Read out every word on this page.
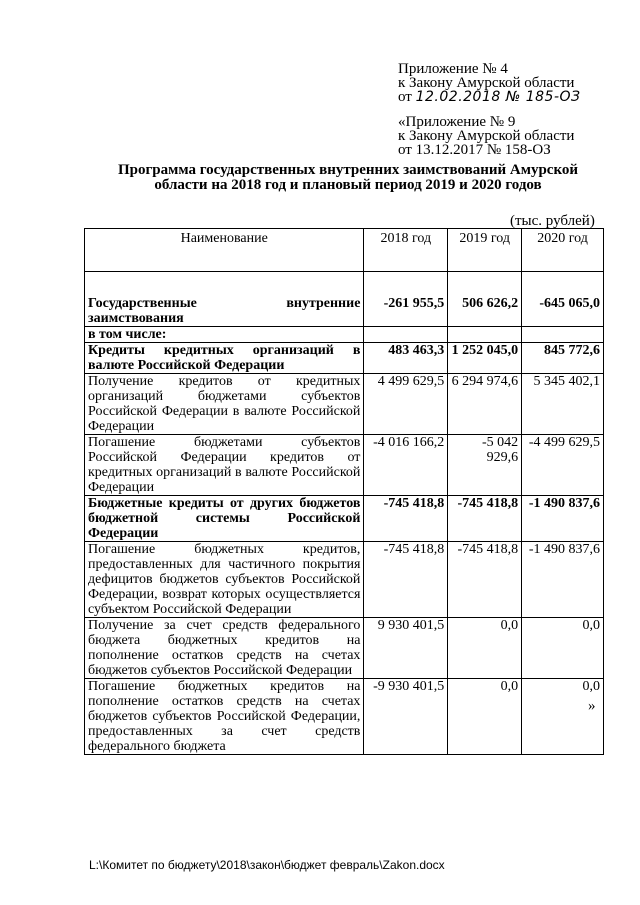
Приложение № 4
к Закону Амурской области
от 12.02.2018 № 185-ОЗ
«Приложение № 9
к Закону Амурской области
от 13.12.2017 № 158-ОЗ
Программа государственных внутренних заимствований Амурской
области на 2018 год и плановый период 2019 и 2020 годов
(тыс. рублей)
Наименование	2018 год	2019 год	2020 год
Государственные внутренние заимствования	-261 955,5	506 626,2	-645 065,0
в том числе:			
Кредиты кредитных организаций в валюте Российской Федерации	483 463,3	1 252 045,0	845 772,6
Получение кредитов от кредитных организаций бюджетами субъектов Российской Федерации в валюте Российской Федерации	4 499 629,5	6 294 974,6	5 345 402,1
Погашение бюджетами субъектов Российской Федерации кредитов от кредитных организаций в валюте Российской Федерации	-4 016 166,2	-5 042 929,6	-4 499 629,5
Бюджетные кредиты от других бюджетов бюджетной системы Российской Федерации	-745 418,8	-745 418,8	-1 490 837,6
Погашение бюджетных кредитов, предоставленных для частичного покрытия дефицитов бюджетов субъектов Российской Федерации, возврат которых осуществляется субъектом Российской Федерации	-745 418,8	-745 418,8	-1 490 837,6
Получение за счет средств федерального бюджета бюджетных кредитов на пополнение остатков средств на счетах бюджетов субъектов Российской Федерации	9 930 401,5	0,0	0,0
Погашение бюджетных кредитов на пополнение остатков средств на счетах бюджетов субъектов Российской Федерации, предоставленных за счет средств федерального бюджета	-9 930 401,5	0,0	0,0
»
L:\Комитет по бюджету\2018\закон\бюджет февраль\Zakon.docx
